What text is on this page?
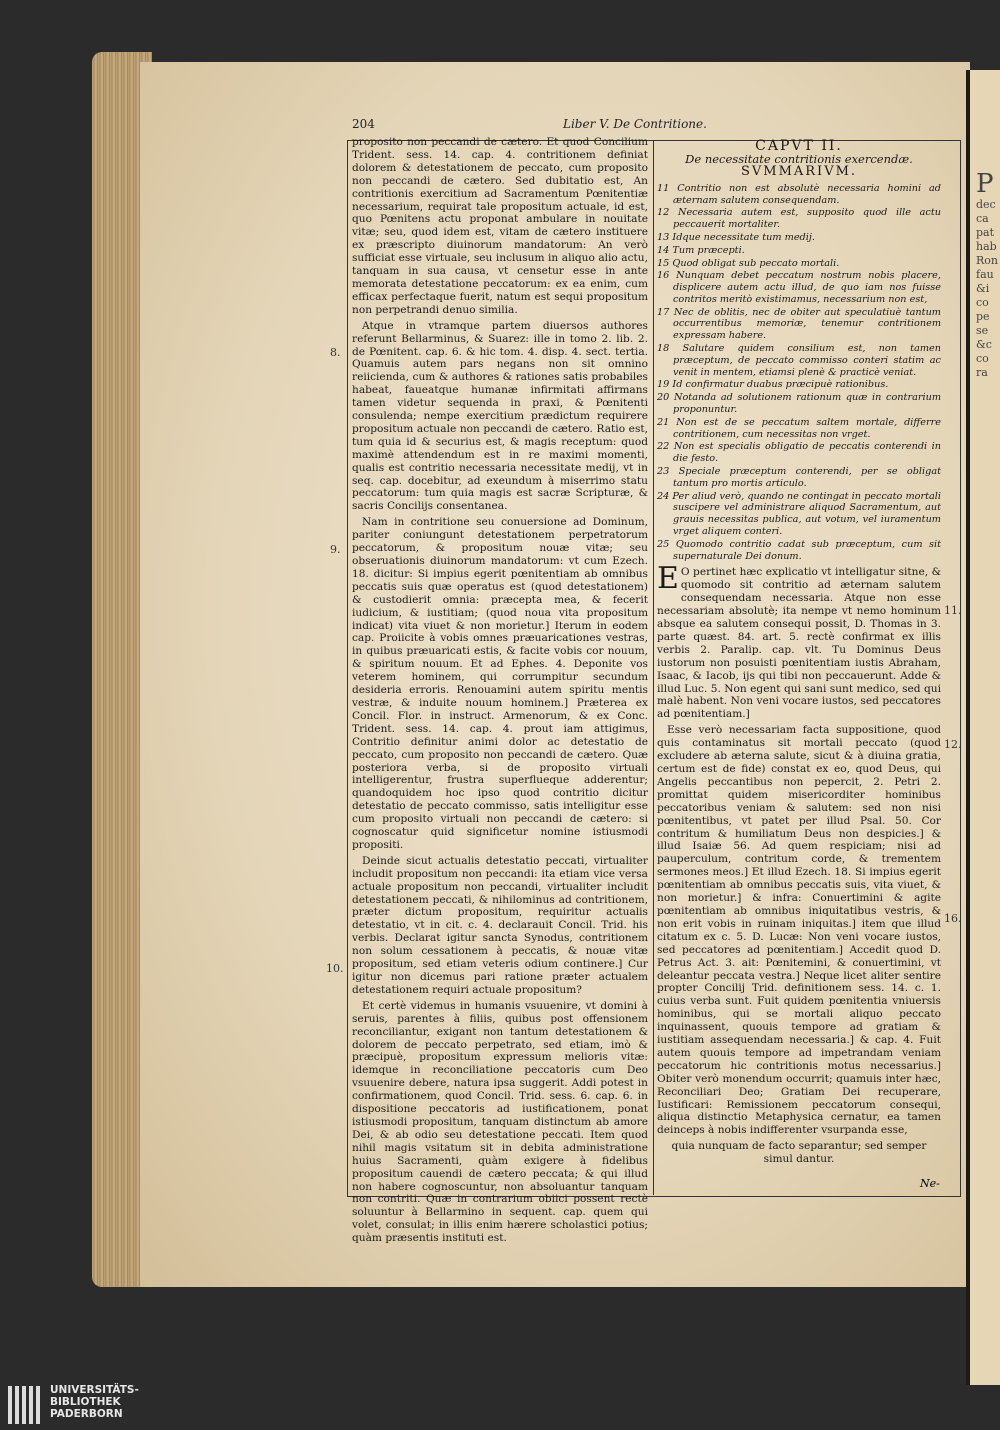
P
dec
ca
pat
hab
Ron
fau
&i
co
pe
se
&c
co
ra
204	Liber V. De Contritione.

proposito non peccandi de cætero. Et quod Concilium Trident. sess. 14. cap. 4. contritionem definiat dolorem & detestationem de peccato, cum proposito non peccandi de cætero. Sed dubitatio est, An contritionis exercitium ad Sacramentum Pœnitentiæ necessarium, requirat tale propositum actuale, id est, quo Pœnitens actu proponat ambulare in nouitate vitæ; seu, quod idem est, vitam de cætero instituere ex præscripto diuinorum mandatorum: An verò sufficiat esse virtuale, seu inclusum in aliquo alio actu, tanquam in sua causa, vt censetur esse in ante memorata detestatione peccatorum: ex ea enim, cum efficax perfectaque fuerit, natum est sequi propositum non perpetrandi denuo similia.

Atque in vtramque partem diuersos authores referunt Bellarminus, & Suarez: ille in tomo 2. lib. 2. de Pœnitent. cap. 6. & hic tom. 4. disp. 4. sect. tertia. Quamuis autem pars negans non sit omnino reiicienda, cum & authores & rationes satis probabiles habeat, faueatque humanæ infirmitati affirmans tamen videtur sequenda in praxi, & Pœnitenti consulenda; nempe exercitium prædictum requirere propositum actuale non peccandi de cætero. Ratio est, tum quia id & securius est, & magis receptum: quod maximè attendendum est in re maximi momenti, qualis est contritio necessaria necessitate medij, vt in seq. cap. docebitur, ad exeundum à miserrimo statu peccatorum: tum quia magis est sacræ Scripturæ, & sacris Concilijs consentanea.

Nam in contritione seu conuersione ad Dominum, pariter coniungunt detestationem perpetratorum peccatorum, & propositum nouæ vitæ; seu obseruationis diuinorum mandatorum: vt cum Ezech. 18. dicitur: Si impius egerit pœnitentiam ab omnibus peccatis suis quæ operatus est (quod detestationem) & custodierit omnia: præcepta mea, & fecerit iudicium, & iustitiam; (quod noua vita propositum indicat) vita viuet & non morietur.] Iterum in eodem cap. Proiicite à vobis omnes præuaricationes vestras, in quibus præuaricati estis, & facite vobis cor nouum, & spiritum nouum. Et ad Ephes. 4. Deponite vos veterem hominem, qui corrumpitur secundum desideria erroris. Renouamini autem spiritu mentis vestræ, & induite nouum hominem.] Præterea ex Concil. Flor. in instruct. Armenorum, & ex Conc. Trident. sess. 14. cap. 4. prout iam attigimus, Contritio definitur animi dolor ac detestatio de peccato, cum proposito non peccandi de cætero. Quæ posteriora verba, si de proposito virtuali intelligerentur, frustra superflueque adderentur; quandoquidem hoc ipso quod contritio dicitur detestatio de peccato commisso, satis intelligitur esse cum proposito virtuali non peccandi de cætero: si cognoscatur quid significetur nomine istiusmodi propositi.

Deinde sicut actualis detestatio peccati, virtualiter includit propositum non peccandi: ita etiam vice versa actuale propositum non peccandi, virtualiter includit detestationem peccati, & nihilominus ad contritionem, præter dictum propositum, requiritur actualis detestatio, vt in cit. c. 4. declarauit Concil. Trid. his verbis. Declarat igitur sancta Synodus, contritionem non solum cessationem à peccatis, & nouæ vitæ propositum, sed etiam veteris odium continere.] Cur igitur non dicemus pari ratione præter actualem detestationem requiri actuale propositum?

Et certè videmus in humanis vsuuenire, vt domini à seruis, parentes à filiis, quibus post offensionem reconciliantur, exigant non tantum detestationem & dolorem de peccato perpetrato, sed etiam, imò & præcipuè, propositum expressum melioris vitæ: idemque in reconciliatione peccatoris cum Deo vsuuenire debere, natura ipsa suggerit. Addi potest in confirmationem, quod Concil. Trid. sess. 6. cap. 6. in dispositione peccatoris ad iustificationem, ponat istiusmodi propositum, tanquam distinctum ab amore Dei, & ab odio seu detestatione peccati. Item quod nihil magis vsitatum sit in debita administratione huius Sacramenti, quàm exigere à fidelibus propositum cauendi de cætero peccata; & qui illud non habere cognoscuntur, non absoluantur tanquam non contriti. Quæ in contrarium obiici possent rectè soluuntur à Bellarmino in sequent. cap. quem qui volet, consulat; in illis enim hærere scholastici potius; quàm præsentis instituti est.

8.
9.
10.
11.
12.
16.
CAPVT II.
De necessitate contritionis exercendæ.
SVMMARIVM.
11 Contritio non est absolutè necessaria homini ad æternam salutem consequendam.
12 Necessaria autem est, supposito quod ille actu peccauerit mortaliter.
13 Idque necessitate tum medij.
14 Tum præcepti.
15 Quod obligat sub peccato mortali.
16 Nunquam debet peccatum nostrum nobis placere, displicere autem actu illud, de quo iam nos fuisse contritos meritò existimamus, necessarium non est,
17 Nec de oblitis, nec de obiter aut speculatiuè tantum occurrentibus memoriæ, tenemur contritionem expressam habere.
18 Salutare quidem consilium est, non tamen præceptum, de peccato commisso conteri statim ac venit in mentem, etiamsi plenè & practicè veniat.
19 Id confirmatur duabus præcipuè rationibus.
20 Notanda ad solutionem rationum quæ in contrarium proponuntur.
21 Non est de se peccatum saltem mortale, differre contritionem, cum necessitas non vrget.
22 Non est specialis obligatio de peccatis conterendi in die festo.
23 Speciale præceptum conterendi, per se obligat tantum pro mortis articulo.
24 Per aliud verò, quando ne contingat in peccato mortali suscipere vel administrare aliquod Sacramentum, aut grauis necessitas publica, aut votum, vel iuramentum vrget aliquem conteri.
25 Quomodo contritio cadat sub præceptum, cum sit supernaturale Dei donum.

E O pertinet hæc explicatio vt intelligatur sitne, & quomodo sit contritio ad æternam salutem consequendam necessaria. Atque non esse necessariam absolutè; ita nempe vt nemo hominum absque ea salutem consequi possit, D. Thomas in 3. parte quæst. 84. art. 5. rectè confirmat ex illis verbis 2. Paralip. cap. vlt. Tu Dominus Deus iustorum non posuisti pœnitentiam iustis Abraham, Isaac, & Iacob, ijs qui tibi non peccauerunt. Adde & illud Luc. 5. Non egent qui sani sunt medico, sed qui malè habent. Non veni vocare iustos, sed peccatores ad pœnitentiam.]

Esse verò necessariam facta suppositione, quod quis contaminatus sit mortali peccato (quod excludere ab æterna salute, sicut & à diuina gratia, certum est de fide) constat ex eo, quod Deus, qui Angelis peccantibus non pepercit, 2. Petri 2. promittat quidem misericorditer hominibus peccatoribus veniam & salutem: sed non nisi pœnitentibus, vt patet per illud Psal. 50. Cor contritum & humiliatum Deus non despicies.] & illud Isaiæ 56. Ad quem respiciam; nisi ad pauperculum, contritum corde, & trementem sermones meos.] Et illud Ezech. 18. Si impius egerit pœnitentiam ab omnibus peccatis suis, vita viuet, & non morietur.] & infra: Conuertimini & agite pœnitentiam ab omnibus iniquitatibus vestris, & non erit vobis in ruinam iniquitas.] item que illud citatum ex c. 5. D. Lucæ: Non veni vocare iustos, sed peccatores ad pœnitentiam.] Accedit quod D. Petrus Act. 3. ait: Pœnitemini, & conuertimini, vt deleantur peccata vestra.] Neque licet aliter sentire propter Concilij Trid. definitionem sess. 14. c. 1. cuius verba sunt. Fuit quidem pœnitentia vniuersis hominibus, qui se mortali aliquo peccato inquinassent, quouis tempore ad gratiam & iustitiam assequendam necessaria.] & cap. 4. Fuit autem quouis tempore ad impetrandam veniam peccatorum hic contritionis motus necessarius.] Obiter verò monendum occurrit; quamuis inter hæc, Reconciliari Deo; Gratiam Dei recuperare, Iustificari: Remissionem peccatorum consequi, aliqua distinctio Metaphysica cernatur, ea tamen deinceps à nobis indifferenter vsurpanda esse,

quia nunquam de facto separantur; sed semper simul dantur.
Ne-
UNIVERSITÄTS-
BIBLIOTHEK
PADERBORN
